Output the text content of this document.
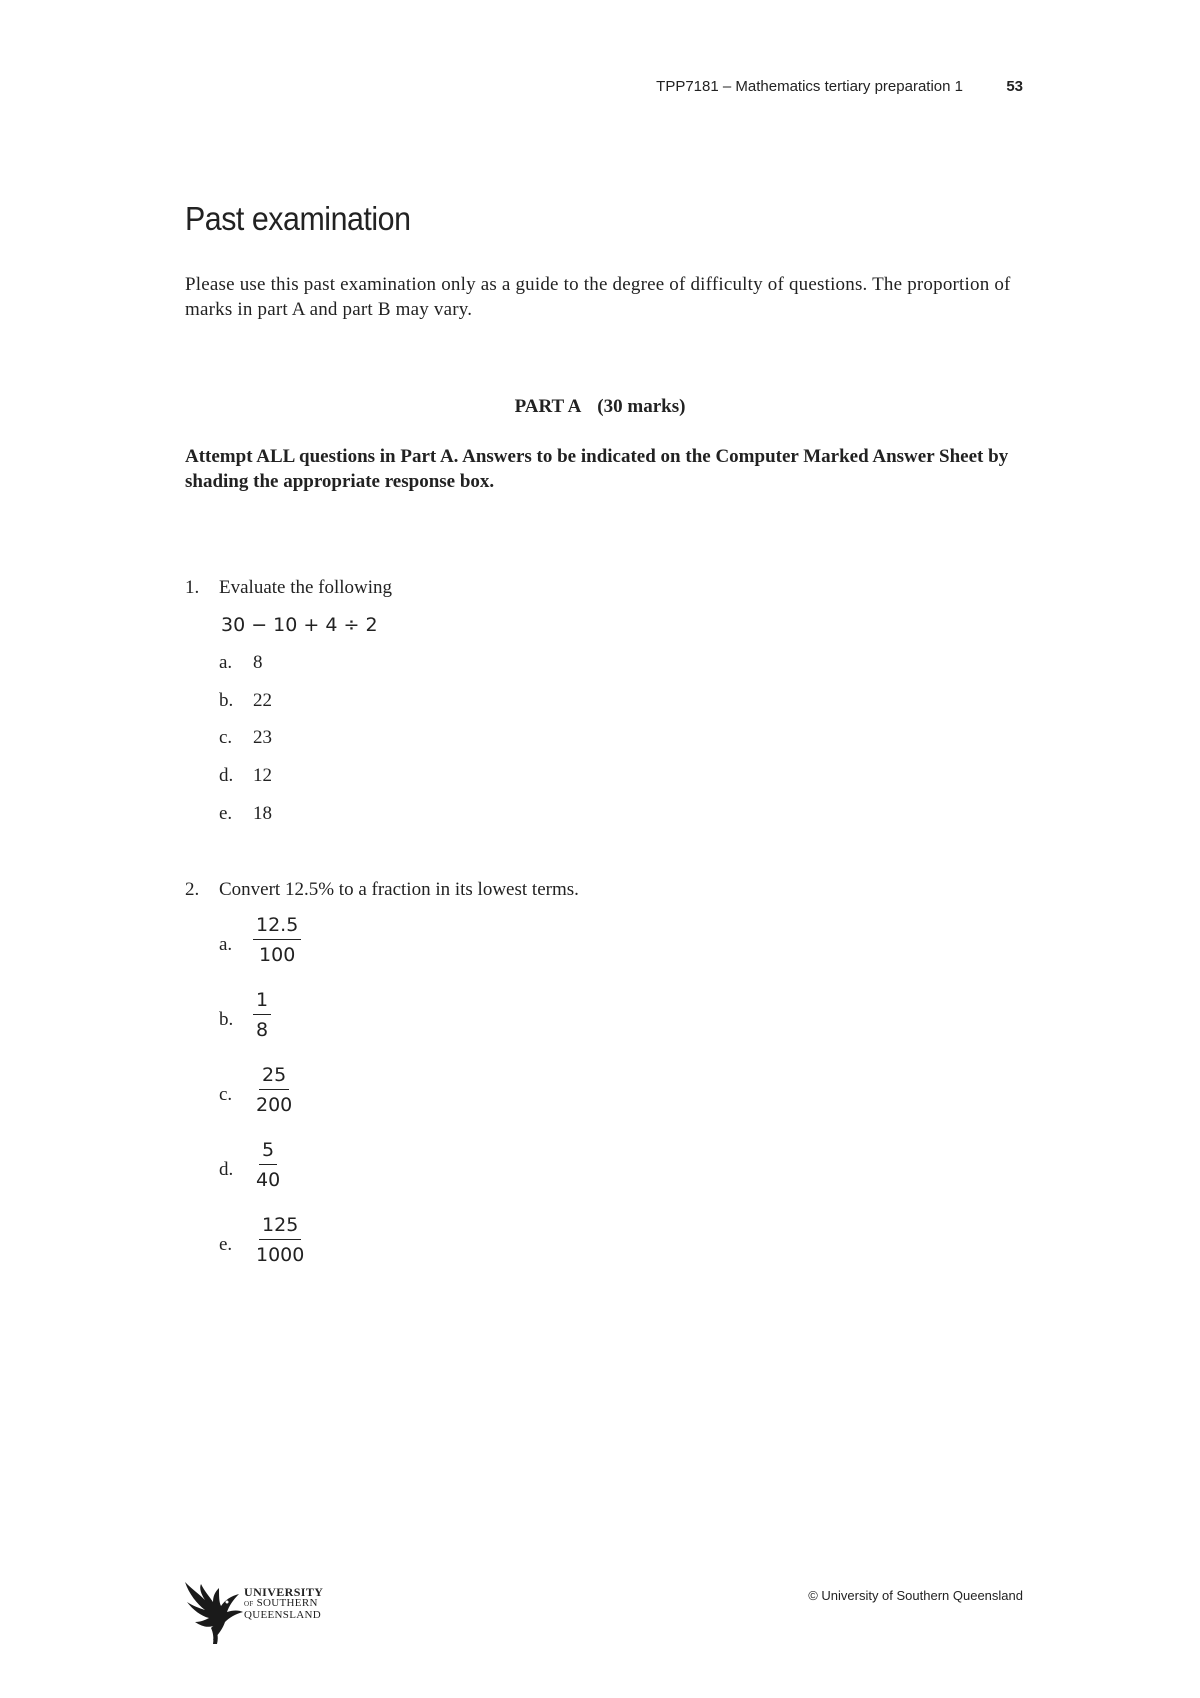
TPP7181 – Mathematics tertiary preparation 1	53
Past examination
Please use this past examination only as a guide to the degree of difficulty of questions. The proportion of marks in part A and part B may vary.
PART A (30 marks)
Attempt ALL questions in Part A. Answers to be indicated on the Computer Marked Answer Sheet by shading the appropriate response box.
1. Evaluate the following
30 − 10 + 4 ÷ 2
a. 8
b. 22
c. 23
d. 12
e. 18
2. Convert 12.5% to a fraction in its lowest terms.
a. $\frac{12.5}{100}$
b. $\frac{1}{8}$
c. $\frac{25}{200}$
d. $\frac{5}{40}$
e. $\frac{125}{1000}$
© University of Southern Queensland
UNIVERSITY
OF SOUTHERN
QUEENSLAND
